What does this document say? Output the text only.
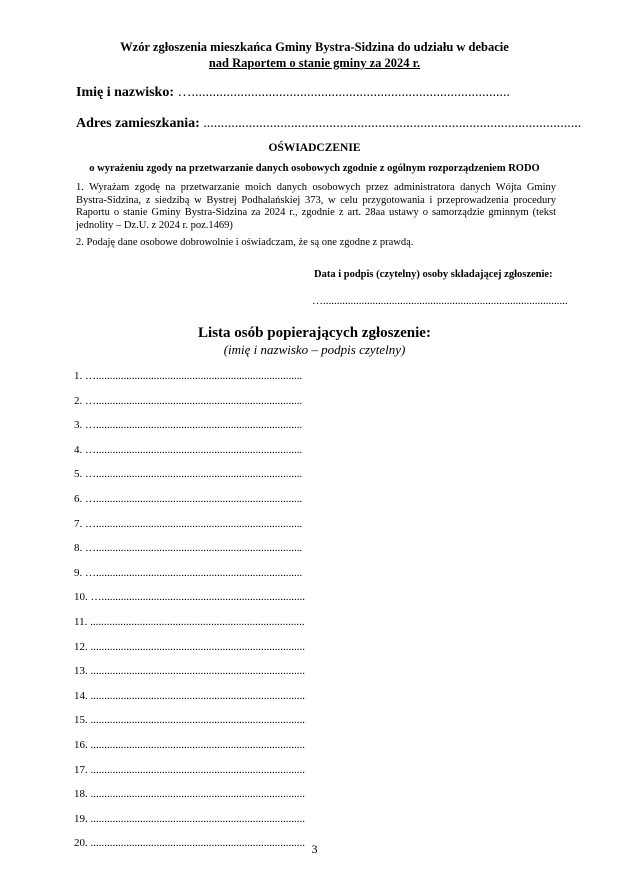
Wzór zgłoszenia mieszkańca Gminy Bystra-Sidzina do udziału w debacie
nad Raportem o stanie gminy za 2024 r.
Imię i nazwisko: …...........................................................................................
Adres zamieszkania: ............................................................................................................
OŚWIADCZENIE
o wyrażeniu zgody na przetwarzanie danych osobowych zgodnie z ogólnym rozporządzeniem RODO
1. Wyrażam zgodę na przetwarzanie moich danych osobowych przez administratora danych Wójta Gminy
Bystra-Sidzina, z siedzibą w Bystrej Podhalańskiej 373, w celu przygotowania i przeprowadzenia procedury
Raportu o stanie Gminy Bystra-Sidzina za 2024 r., zgodnie z art. 28aa ustawy o samorządzie gminnym (tekst
jednolity – Dz.U. z 2024 r. poz.1469)
2. Podaję dane osobowe dobrowolnie i oświadczam, że są one zgodne z prawdą.
Data i podpis (czytelny) osoby składającej zgłoszenie:
….........................................................................................
Lista osób popierających zgłoszenie:
(imię i nazwisko – podpis czytelny)
1. …...........................................................................
2. …...........................................................................
3. …...........................................................................
4. …...........................................................................
5. …...........................................................................
6. …...........................................................................
7. …...........................................................................
8. …...........................................................................
9. …...........................................................................
10. …..........................................................................
11. ..............................................................................
12. ..............................................................................
13. ..............................................................................
14. ..............................................................................
15. ..............................................................................
16. ..............................................................................
17. ..............................................................................
18. ..............................................................................
19. ..............................................................................
20. .............................................................................. 3
